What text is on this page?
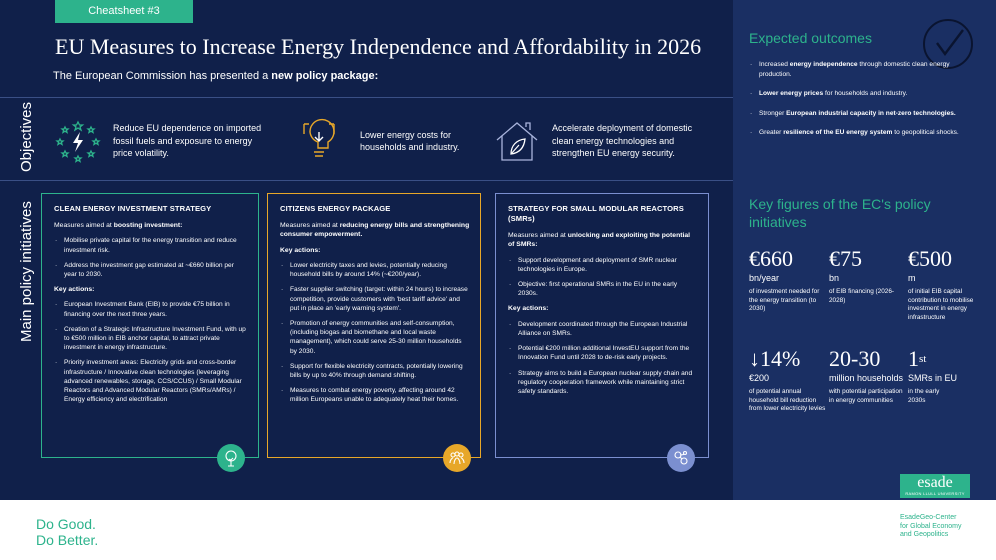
Cheatsheet #3
EU Measures to Increase Energy Independence and Affordability in 2026
The European Commission has presented a new policy package:
Objectives
Main policy initiatives
Reduce EU dependence on imported fossil fuels and exposure to energy price volatility.
Lower energy costs for households and industry.
Accelerate deployment of domestic clean energy technologies and strengthen EU energy security.
CLEAN ENERGY INVESTMENT STRATEGY

Measures aimed at boosting investment:

· Mobilise private capital for the energy transition and reduce investment risk.
· Address the investment gap estimated at ~€660 billion per year to 2030.

Key actions:

· European Investment Bank (EIB) to provide €75 billion in financing over the next three years.
· Creation of a Strategic Infrastructure Investment Fund, with up to €500 million in EIB anchor capital, to attract private investment in energy infrastructure.
· Priority investment areas: Electricity grids and cross-border infrastructure / Innovative clean technologies (leveraging advanced renewables, storage, CCS/CCUS) / Small Modular Reactors and Advanced Modular Reactors (SMRs/AMRs) / Energy efficiency and electrification
CITIZENS ENERGY PACKAGE

Measures aimed at reducing energy bills and strengthening consumer empowerment.

Key actions:

· Lower electricity taxes and levies, potentially reducing household bills by around 14% (~€200/year).
· Faster supplier switching (target: within 24 hours) to increase competition, provide customers with 'best tariff advice' and put in place an 'early warning system'.
· Promotion of energy communities and self-consumption, (including biogas and biomethane and local waste management), which could serve 25-30 million households by 2030.
· Support for flexible electricity contracts, potentially lowering bills by up to 40% through demand shifting.
· Measures to combat energy poverty, affecting around 42 million Europeans unable to adequately heat their homes.
STRATEGY FOR SMALL MODULAR REACTORS (SMRs)

Measures aimed at unlocking and exploiting the potential of SMRs:

· Support development and deployment of SMR nuclear technologies in Europe.
· Objective: first operational SMRs in the EU in the early 2030s.

Key actions:

· Development coordinated through the European Industrial Alliance on SMRs.
· Potential €200 million additional InvestEU support from the Innovation Fund until 2028 to de-risk early projects.
· Strategy aims to build a European nuclear supply chain and regulatory cooperation framework while maintaining strict safety standards.
Expected outcomes
· Increased energy independence through domestic clean energy production.
· Lower energy prices for households and industry.
· Stronger European industrial capacity in net-zero technologies.
· Greater resilience of the EU energy system to geopolitical shocks.
Key figures of the EC's policy initiatives
€660
bn/year
of investment needed for the energy transition (to 2030)
€75
bn
of EIB financing (2026-2028)
€500
m
of initial EIB capital contribution to mobilise investment in energy infrastructure
↓14%
€200
of potential annual household bill reduction from lower electricity levies
20-30
million households
with potential participation in energy communities
1st
SMRs in EU
in the early 2030s
Do Good.
Do Better.
esade
RAMON LLULL UNIVERSITY
EsadeGeo-Center
for Global Economy
and Geopolitics
